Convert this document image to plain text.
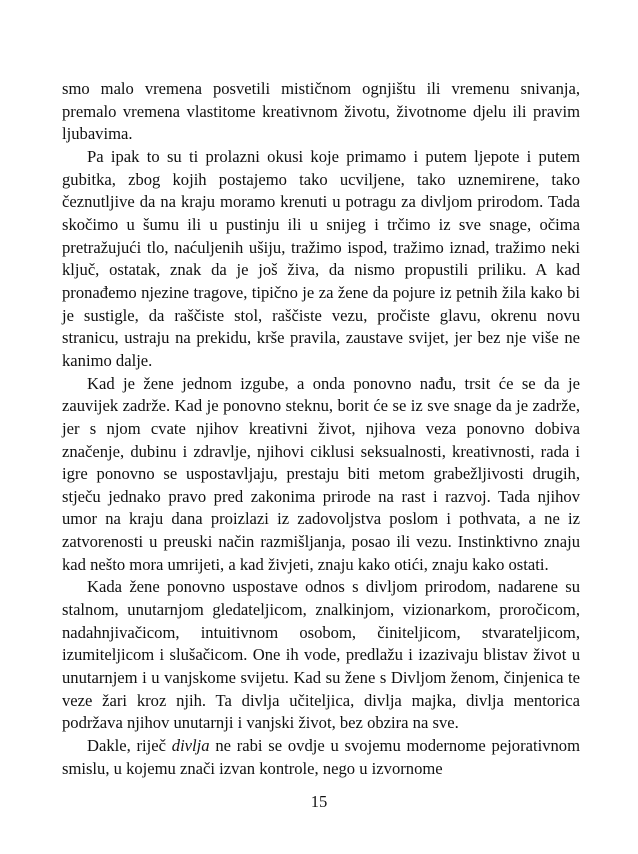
smo malo vremena posvetili mističnom ognjištu ili vremenu snivanja, premalo vremena vlastitome kreativnom životu, životnome djelu ili pravim ljubavima.

Pa ipak to su ti prolazni okusi koje primamo i putem ljepote i putem gubitka, zbog kojih postajemo tako ucviljene, tako uznemirene, tako čeznutljive da na kraju moramo krenuti u potragu za divljom prirodom. Tada skočimo u šumu ili u pustinju ili u snijeg i trčimo iz sve snage, očima pretražujući tlo, naćuljenih ušiju, tražimo ispod, tražimo iznad, tražimo neki ključ, ostatak, znak da je još živa, da nismo propustili priliku. A kad pronađemo njezine tragove, tipično je za žene da pojure iz petnih žila kako bi je sustigle, da raščiste stol, raščiste vezu, pročiste glavu, okrenu novu stranicu, ustraju na prekidu, krše pravila, zaustave svijet, jer bez nje više ne kanimo dalje.

Kad je žene jednom izgube, a onda ponovno nađu, trsit će se da je zauvijek zadrže. Kad je ponovno steknu, borit će se iz sve snage da je zadrže, jer s njom cvate njihov kreativni život, njihova veza ponovno dobiva značenje, dubinu i zdravlje, njihovi ciklusi seksualnosti, kreativnosti, rada i igre ponovno se uspostavljaju, prestaju biti metom grabežljivosti drugih, stječu jednako pravo pred zakonima prirode na rast i razvoj. Tada njihov umor na kraju dana proizlazi iz zadovoljstva poslom i pothvata, a ne iz zatvorenosti u preuski način razmišljanja, posao ili vezu. Instinktivno znaju kad nešto mora umrijeti, a kad živjeti, znaju kako otići, znaju kako ostati.

Kada žene ponovno uspostave odnos s divljom prirodom, nadarene su stalnom, unutarnjom gledateljicom, znalkinjom, vizionarkom, proročicom, nadahnjivačicom, intuitivnom osobom, činiteljicom, stvarateljicom, izumiteljicom i slušačicom. One ih vode, predlažu i izazivaju blistav život u unutarnjem i u vanjskome svijetu. Kad su žene s Divljom ženom, činjenica te veze žari kroz njih. Ta divlja učiteljica, divlja majka, divlja mentorica podržava njihov unutarnji i vanjski život, bez obzira na sve.

Dakle, riječ divlja ne rabi se ovdje u svojemu modernome pejorativnom smislu, u kojemu znači izvan kontrole, nego u izvornome

15
